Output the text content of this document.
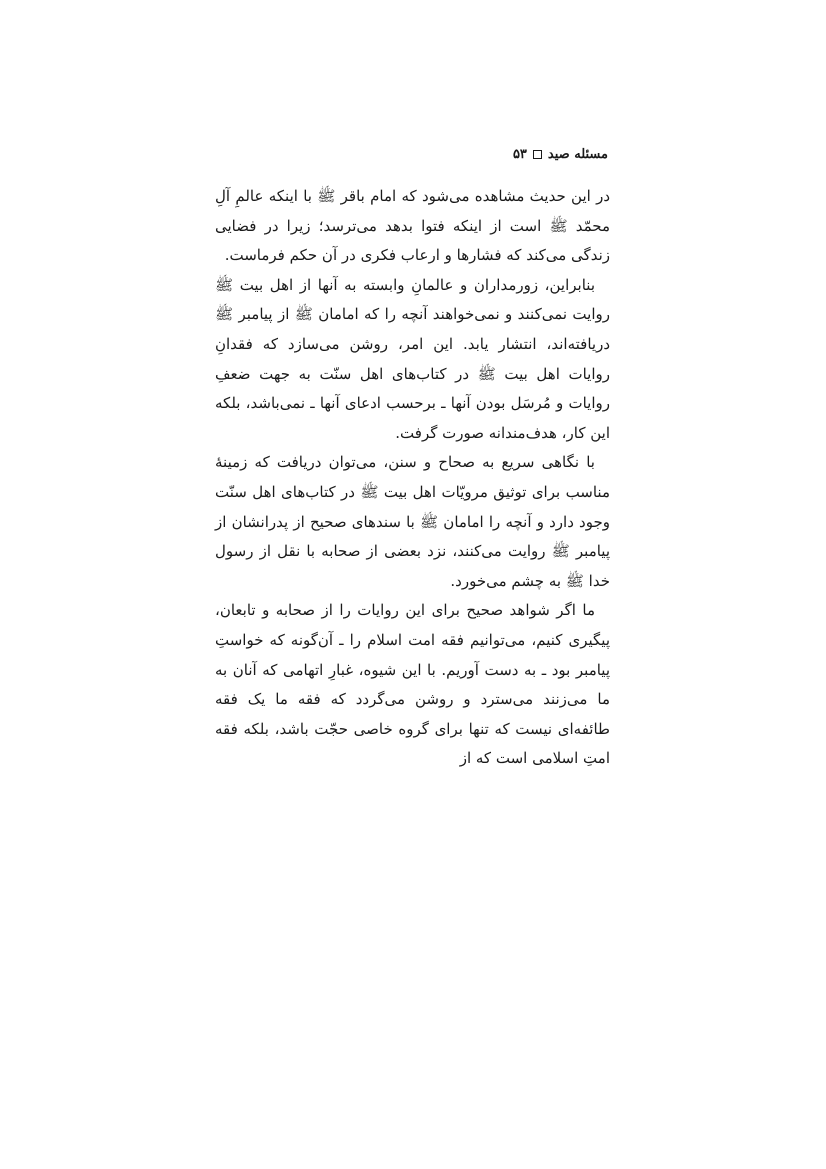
مسئله صید
۵۳

در این حدیث مشاهده می‌شود که امام باقر ﷺ با اینکه عالمِ آلِ محمّد ﷺ است از اینکه فتوا بدهد می‌ترسد؛ زیرا در فضایی زندگی می‌کند که فشارها و ارعاب فکری در آن حکم فرماست.

بنابراین، زورمداران و عالمانِ وابسته به آنها از اهل بیت ﷺ روایت نمی‌کنند و نمی‌خواهند آنچه را که امامان ﷺ از پیامبر ﷺ دریافته‌اند، انتشار یابد. این امر، روشن می‌سازد که فقدانِ روایات اهل بیت ﷺ در کتاب‌های اهل سنّت به جهت ضعفِ روایات و مُرسَل بودن آنها ـ برحسب ادعای آنها ـ نمی‌باشد، بلکه این کار، هدف‌مندانه صورت گرفت.

با نگاهی سریع به صحاح و سنن، می‌توان دریافت که زمینهٔ مناسب برای توثیق مرویّات اهل بیت ﷺ در کتاب‌های اهل سنّت وجود دارد و آنچه را امامان ﷺ با سندهای صحیح از پدرانشان از پیامبر ﷺ روایت می‌کنند، نزد بعضی از صحابه با نقل از رسول خدا ﷺ به چشم می‌خورد.

ما اگر شواهد صحیح برای این روایات را از صحابه و تابعان، پیگیری کنیم، می‌توانیم فقه امت اسلام را ـ آن‌گونه که خواستِ پیامبر بود ـ به دست آوریم. با این شیوه، غبارِ اتهامی که آنان به ما می‌زنند می‌سترد و روشن می‌گردد که فقه ما یک فقه طائفه‌ای نیست که تنها برای گروه خاصی حجّت باشد، بلکه فقه امتِ اسلامی است که از
